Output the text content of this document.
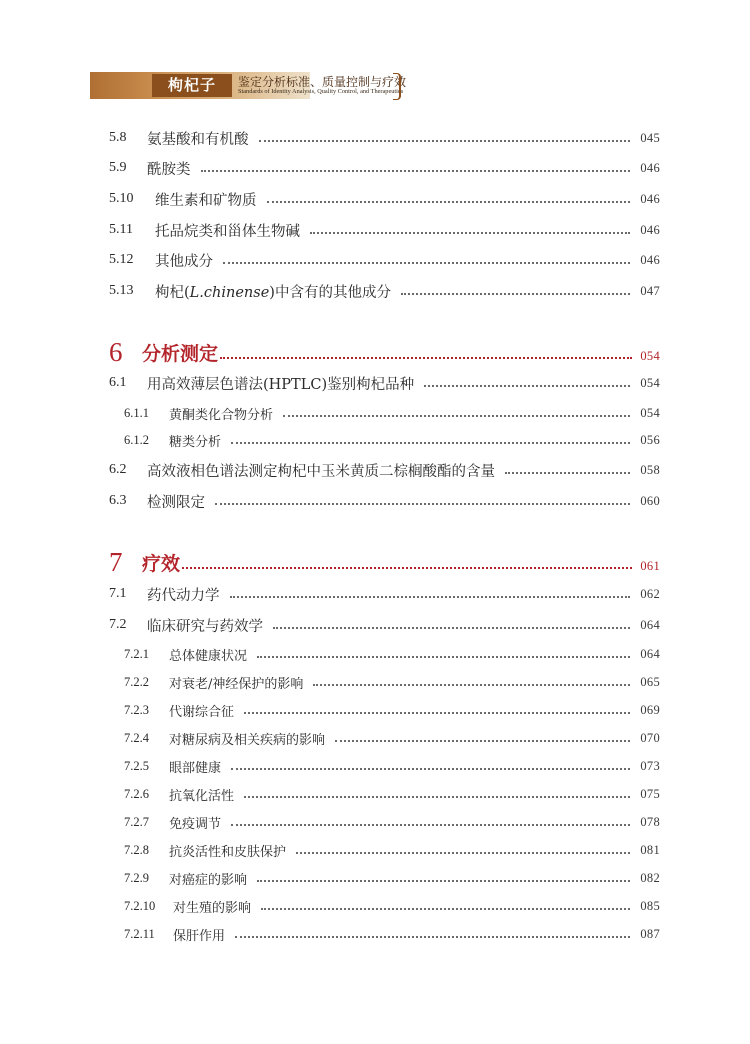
枸杞子	鉴定分析标准、质量控制与疗效
Standards of Identity Analysis, Quality Control, and Therapeutics
5.8	氨基酸和有机酸	045
5.9	酰胺类	046
5.10	维生素和矿物质	046
5.11	托品烷类和甾体生物碱	046
5.12	其他成分	046
5.13	枸杞(L.chinense)中含有的其他成分	047
6	分析测定	054
6.1	用高效薄层色谱法(HPTLC)鉴别枸杞品种	054
6.1.1	黄酮类化合物分析	054
6.1.2	糖类分析	056
6.2	高效液相色谱法测定枸杞中玉米黄质二棕榈酸酯的含量	058
6.3	检测限定	060
7	疗效	061
7.1	药代动力学	062
7.2	临床研究与药效学	064
7.2.1	总体健康状况	064
7.2.2	对衰老/神经保护的影响	065
7.2.3	代谢综合征	069
7.2.4	对糖尿病及相关疾病的影响	070
7.2.5	眼部健康	073
7.2.6	抗氧化活性	075
7.2.7	免疫调节	078
7.2.8	抗炎活性和皮肤保护	081
7.2.9	对癌症的影响	082
7.2.10	对生殖的影响	085
7.2.11	保肝作用	087
